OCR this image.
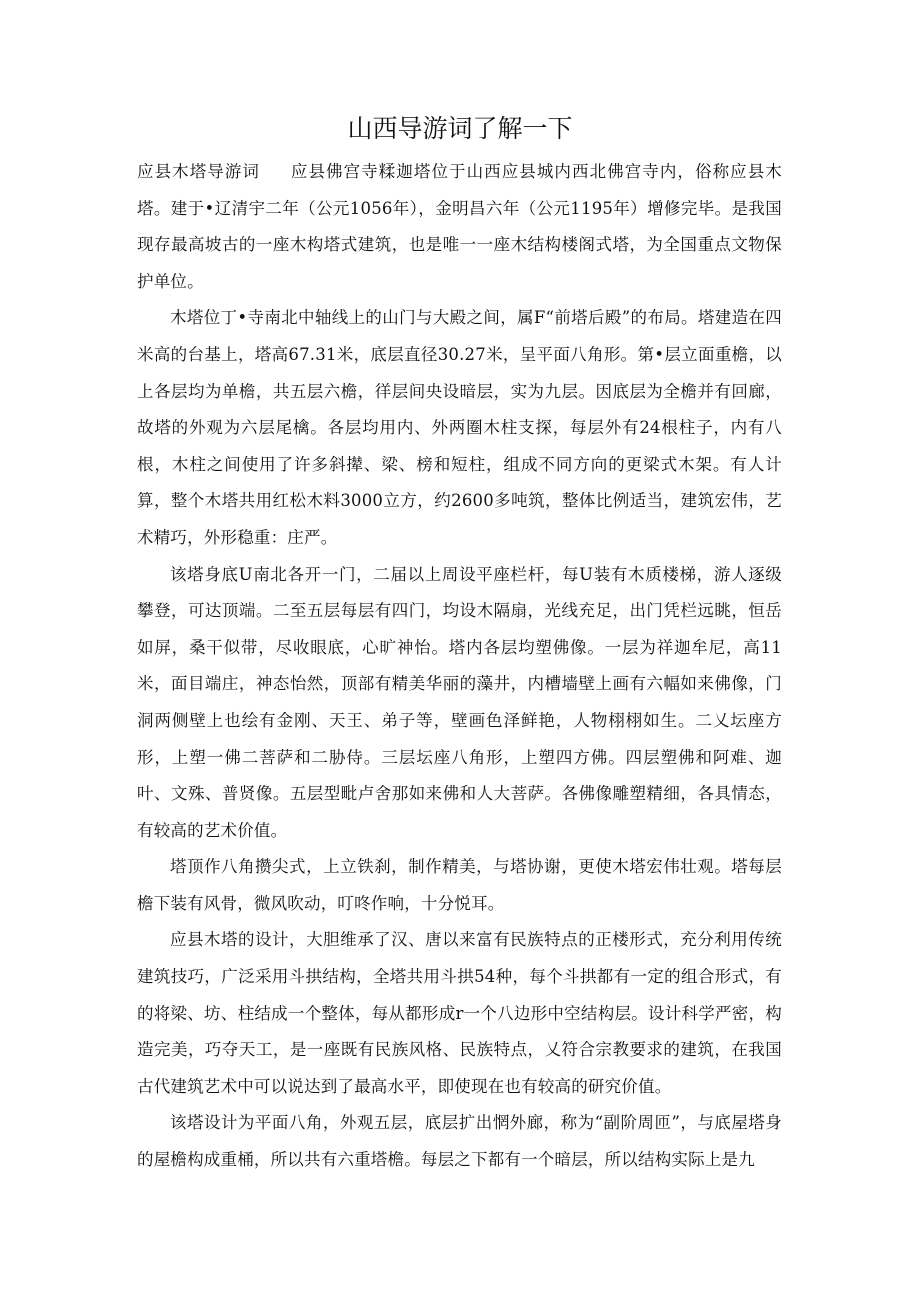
山西导游词了解一下

应县木塔导游词 应县佛宫寺糅迦塔位于山西应县城内西北佛宫寺内，俗称应县木塔。建于•辽清宇二年（公元1056年），金明昌六年（公元1195年）增修完毕。是我国现存最高坡古的一座木构塔式建筑，也是唯一一座木结构楼阁式塔，为全国重点文物保护单位。

木塔位丁•寺南北中轴线上的山门与大殿之间，属F“前塔后殿”的布局。塔建造在四米高的台基上，塔高67.31米，底层直径30.27米，呈平面八角形。第•层立面重檐，以上各层均为单檐，共五层六檐，徉层间央设暗层，实为九层。因底层为全檐并有回廊，故塔的外观为六层尾檎。各层均用内、外两圈木柱支探，每层外有24根柱子，内有八根，木柱之间使用了许多斜撵、梁、榜和短柱，组成不同方向的更梁式木架。有人计算，整个木塔共用红松木料3000立方，约2600多吨筑，整体比例适当，建筑宏伟，艺术精巧，外形稳重：庄严。

该塔身底U南北各开一门，二届以上周设平座栏杆，每U装有木质楼梯，游人逐级攀登，可达顶端。二至五层每层有四门，均设木隔扇，光线充足，出门凭栏远眺，恒岳如屏，桑干似带，尽收眼底，心旷神怡。塔内各层均塑佛像。一层为祥迦牟尼，高11米，面目端庄，神态怡然，顶部有精美华丽的藻井，内槽墙壁上画有六幅如来佛像，门洞两侧壁上也绘有金刚、天王、弟子等，壁画色泽鲜艳，人物栩栩如生。二乂坛座方形，上塑一佛二菩萨和二胁侍。三层坛座八角形，上塑四方佛。四层塑佛和阿难、迦叶、文殊、普贤像。五层型毗卢舍那如来佛和人大菩萨。各佛像雕塑精细，各具情态，有较高的艺术价值。

塔顶作八角攒尖式，上立铁刹，制作精美，与塔协谢，更使木塔宏伟壮观。塔每层檐下装有风骨，微风吹动，叮咚作响，十分悦耳。

应县木塔的设计，大胆维承了汉、唐以来富有民族特点的正楼形式，充分利用传统建筑技巧，广泛采用斗拱结构，全塔共用斗拱54种，每个斗拱都有一定的组合形式，有的将梁、坊、柱结成一个整体，每从都形成r一个八边形中空结构层。设计科学严密，构造完美，巧夺天工，是一座既有民族风格、民族特点，乂符合宗教要求的建筑，在我国古代建筑艺术中可以说达到了最高水平，即使现在也有较高的研究价值。

该塔设计为平面八角，外观五层，底层扩出惘外廊，称为“副阶周匝”，与底屋塔身的屋檐构成重桶，所以共有六重塔檐。每层之下都有一个暗层，所以结构实际上是九
